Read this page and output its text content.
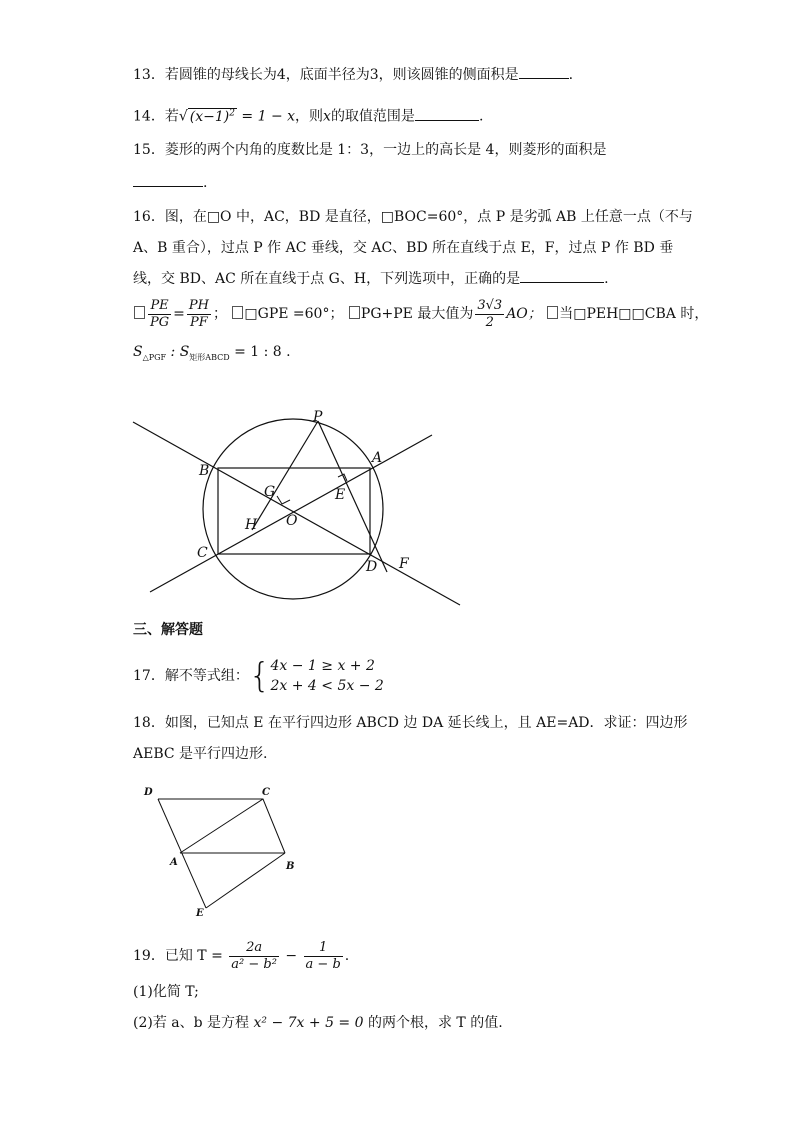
13．若圆锥的母线长为4，底面半径为3，则该圆锥的侧面积是	.
14．若√ $(x-1)^2 = 1 - x$，则x的取值范围是	.
15．菱形的两个内角的度数比是 1：3，一边上的高长是 4，则菱形的面积是
.
16．图，在□O 中，AC，BD 是直径，□BOC=60°，点 P 是劣弧 AB 上任意一点（不与
A、B 重合），过点 P 作 AC 垂线，交 AC、BD 所在直线于点 E，F，过点 P 作 BD 垂
线，交 BD、AC 所在直线于点 G、H，下列选项中，正确的是	.
$\frac{PE}{PG} = \frac{PH}{PF}$ ； □GPE =60°； PG+PE 最大值为 $\frac{3√3}{2}$ AO； 当□PEH□□CBA 时，
$S_{\triangle PGF}$ : $S_{矩形ABCD} = 1$ : 8 .
P
A
B
C
D
E
F
G
H O
三、解答题
17．解不等式组：{ 4x − 1 ≥ x + 2
2x + 4 < 5x − 2
18．如图，已知点 E 在平行四边形 ABCD 边 DA 延长线上，且 AE=AD．求证：四边形
AEBC 是平行四边形.
D	C
A	B
E
19．已知 $T = \frac{2a}{\text{a² − b²}} - \frac{1}{a - b}$ .
(1)化简 T;
(2)若 a、b 是方程 x² − 7x + 5 = 0 的两个根，求 T 的值.
